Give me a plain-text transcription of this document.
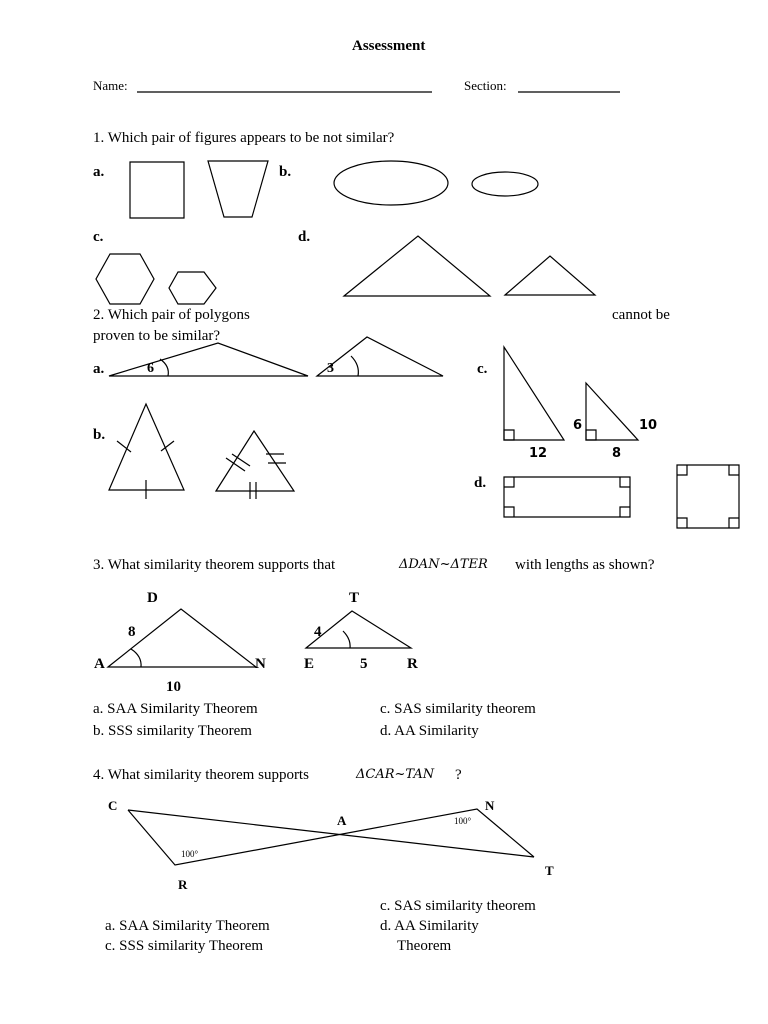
Assessment
Name:	Section:
1. Which pair of figures appears to be not similar?
a.	b.
c.	d.
2. Which pair of polygons	cannot be
proven to be similar?
a.
b.
c.
d.
6	3
6	10
12	8
3. What similarity theorem supports that	ΔDAN~ΔTER with lengths as shown?
D
A	N
8
10
T
E	R
4
5
a. SAA Similarity Theorem
b. SSS similarity Theorem
c. SAS similarity theorem
d. AA Similarity
4. What similarity theorem supports	ΔCAR~TAN ?
C
A
R
N
T
100°
100°
c. SAS similarity theorem
a. SAA Similarity Theorem	d. AA Similarity
c. SSS similarity Theorem	Theorem
